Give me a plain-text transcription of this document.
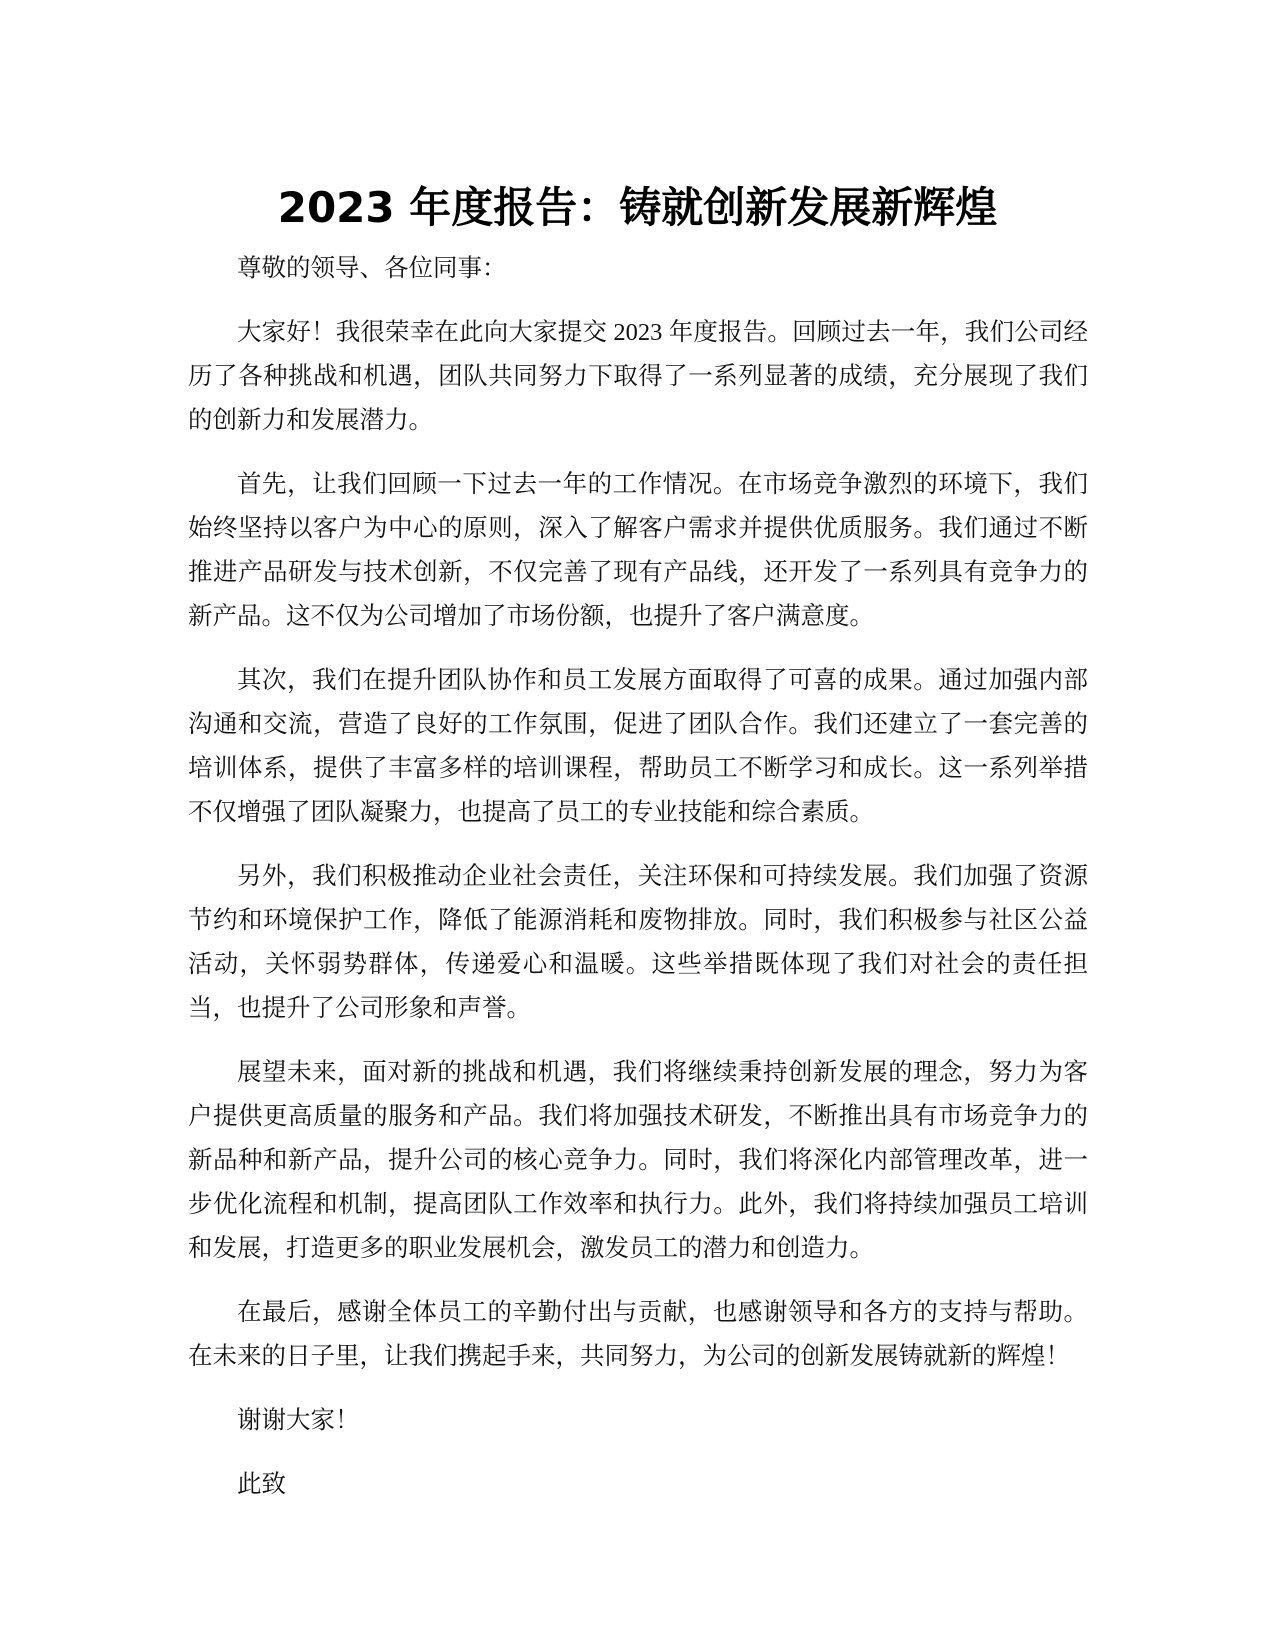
2023 年度报告：铸就创新发展新辉煌

尊敬的领导、各位同事：

大家好！我很荣幸在此向大家提交 2023 年度报告。回顾过去一年，我们公司经历了各种挑战和机遇，团队共同努力下取得了一系列显著的成绩，充分展现了我们的创新力和发展潜力。

首先，让我们回顾一下过去一年的工作情况。在市场竞争激烈的环境下，我们始终坚持以客户为中心的原则，深入了解客户需求并提供优质服务。我们通过不断推进产品研发与技术创新，不仅完善了现有产品线，还开发了一系列具有竞争力的新产品。这不仅为公司增加了市场份额，也提升了客户满意度。

其次，我们在提升团队协作和员工发展方面取得了可喜的成果。通过加强内部沟通和交流，营造了良好的工作氛围，促进了团队合作。我们还建立了一套完善的培训体系，提供了丰富多样的培训课程，帮助员工不断学习和成长。这一系列举措不仅增强了团队凝聚力，也提高了员工的专业技能和综合素质。

另外，我们积极推动企业社会责任，关注环保和可持续发展。我们加强了资源节约和环境保护工作，降低了能源消耗和废物排放。同时，我们积极参与社区公益活动，关怀弱势群体，传递爱心和温暖。这些举措既体现了我们对社会的责任担当，也提升了公司形象和声誉。

展望未来，面对新的挑战和机遇，我们将继续秉持创新发展的理念，努力为客户提供更高质量的服务和产品。我们将加强技术研发，不断推出具有市场竞争力的新品种和新产品，提升公司的核心竞争力。同时，我们将深化内部管理改革，进一步优化流程和机制，提高团队工作效率和执行力。此外，我们将持续加强员工培训和发展，打造更多的职业发展机会，激发员工的潜力和创造力。

在最后，感谢全体员工的辛勤付出与贡献，也感谢领导和各方的支持与帮助。在未来的日子里，让我们携起手来，共同努力，为公司的创新发展铸就新的辉煌！

谢谢大家！

此致
